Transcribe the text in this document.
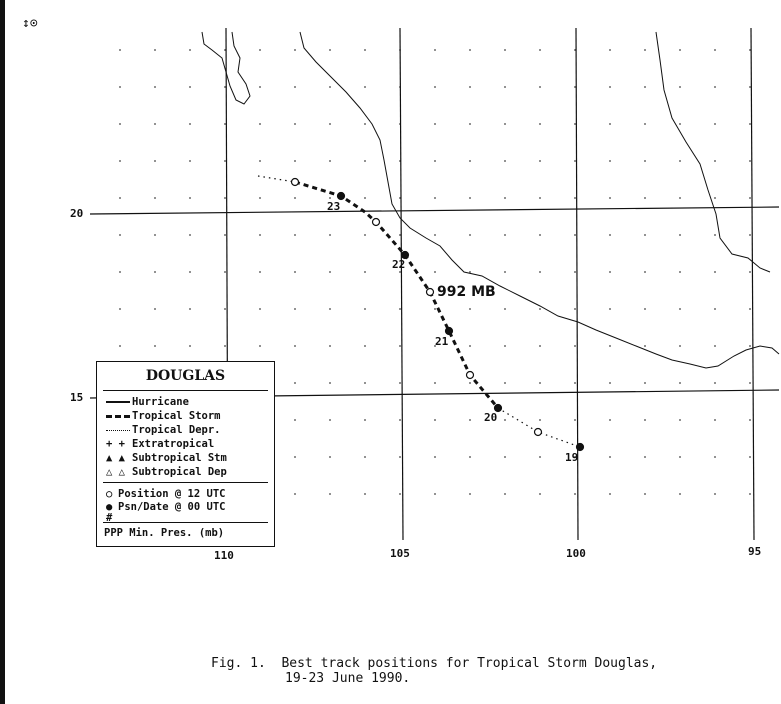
↕⊙
20
15
110	105	100	95
23
22
21
20
19
992 MB
DOUGLAS
Hurricane
Tropical Storm
Tropical Depr.
+ + Extratropical
▲ ▲ Subtropical Stm
△ △ Subtropical Dep
○ Position @ 12 UTC
● Psn/Date @ 00 UTC
#
PPP Min. Pres. (mb)
Fig. 1.  Best track positions for Tropical Storm Douglas,
19-23 June 1990.
